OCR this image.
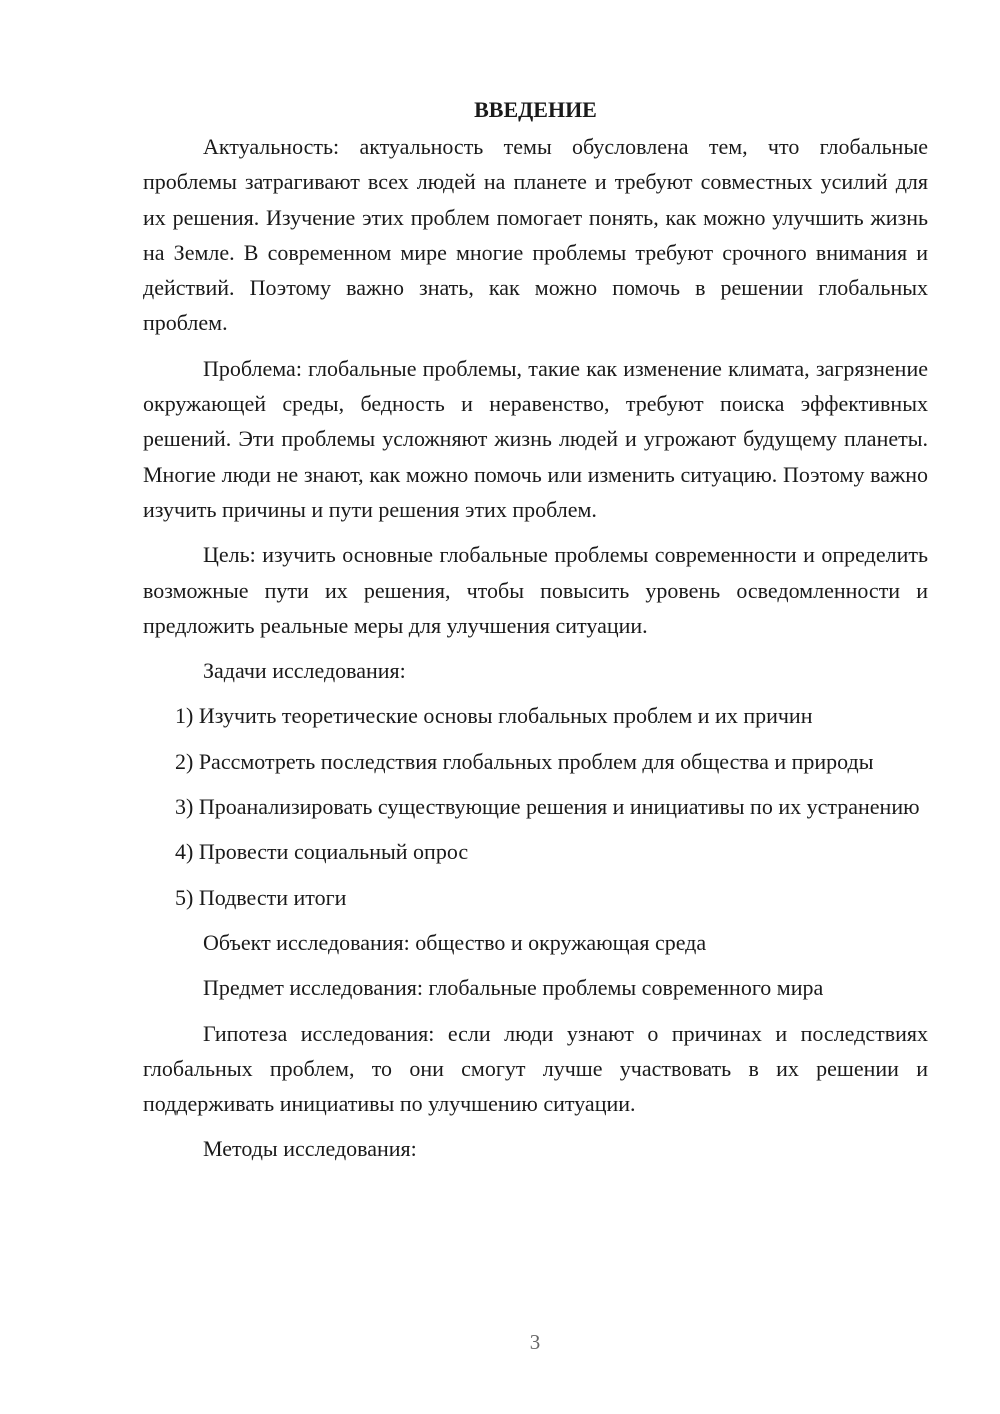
ВВЕДЕНИЕ

Актуальность: актуальность темы обусловлена тем, что глобальные проблемы затрагивают всех людей на планете и требуют совместных усилий для их решения. Изучение этих проблем помогает понять, как можно улучшить жизнь на Земле. В современном мире многие проблемы требуют срочного внимания и действий. Поэтому важно знать, как можно помочь в решении глобальных проблем.

Проблема: глобальные проблемы, такие как изменение климата, загрязнение окружающей среды, бедность и неравенство, требуют поиска эффективных решений. Эти проблемы усложняют жизнь людей и угрожают будущему планеты. Многие люди не знают, как можно помочь или изменить ситуацию. Поэтому важно изучить причины и пути решения этих проблем.

Цель: изучить основные глобальные проблемы современности и определить возможные пути их решения, чтобы повысить уровень осведомленности и предложить реальные меры для улучшения ситуации.

Задачи исследования:

1) Изучить теоретические основы глобальных проблем и их причин

2) Рассмотреть последствия глобальных проблем для общества и природы

3) Проанализировать существующие решения и инициативы по их устранению

4) Провести социальный опрос

5) Подвести итоги

Объект исследования: общество и окружающая среда

Предмет исследования: глобальные проблемы современного мира

Гипотеза исследования: если люди узнают о причинах и последствиях глобальных проблем, то они смогут лучше участвовать в их решении и поддерживать инициативы по улучшению ситуации.

Методы исследования:

3
